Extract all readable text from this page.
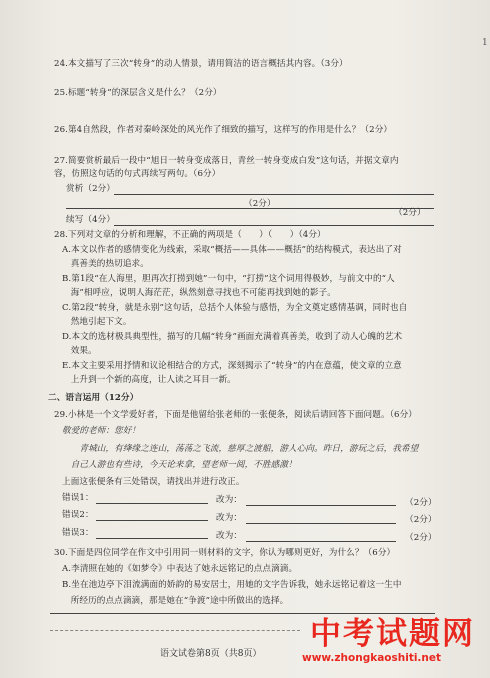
1
24.本文描写了三次“转身”的动人情景，请用简洁的语言概括其内容。（3分）
25.标题“转身”的深层含义是什么？（2分）
26.第4自然段，作者对秦岭深处的风光作了细致的描写，这样写的作用是什么？（2分）
27.简要赏析最后一段中“旭日一转身变成落日，青丝一转身变成白发”这句话，并据文章内
容，仿照这句话的句式再续写两句。（6分）
赏析（2分）
（2分）
续写（4分）
（2分）
28.下列对文章的分析和理解，不正确的两项是（　　）（　　）（4分）
A.本文以作者的感情变化为线索，采取“概括——具体——概括”的结构模式，表达出了对
　真善美的热切追求。
B.第1段“在人海里，胆再次打捞到她”一句中，“打捞”这个词用得极妙，与前文中的“人
　海”相呼应，说明人海茫茫，纵然刻意寻找也不可能再找到她的影子。
C.第2段“转身，就是永别”这句话，总括个人体验与感悟，为全文奠定感情基调，同时也自
　然地引起下文。
D.本文的选材极具典型性，描写的几幅“转身”画面充满着真善美，收到了动人心魄的艺术
　效果。
E.本文主要采用抒情和议论相结合的方式，深刻揭示了“转身”的内在意蕴，使文章的立意
　上升到一个新的高度，让人读之耳目一新。
二、语言运用（12分）
29.小林是一个文学爱好者，下面是他留给张老师的一张便条，阅读后请回答下面问题。（6分）
敬爱的老师：您好！
　　青城山，有绛缘之连山，荡荡之飞流，慈厚之渡船，游人心向。昨日，游玩之后，我希望
　自己人游也有些诗，今天论来拿，望老师一阅，不胜感激！
上面这张便条有三处错误，请找出并进行改正。
错误1：	改为：	（2分）
错误2：	改为：	（2分）
错误3：	改为：	（2分）
30.下面是四位同学在作文中引用同一则材料的文字，你认为哪则更好，为什么？（6分）
A.李清照在她的《如梦令》中表达了她永远铭记的点点滴滴。
B.坐在池边亭下泪流满面的娇韵的易安居士，用她的文字告诉我，她永远铭记着这一生中
　所经历的点点滴滴，那是她在“争渡”途中所做出的选择。
语文试卷第8页（共8页）
中考试题网
www.zhongkaoshiti.net
